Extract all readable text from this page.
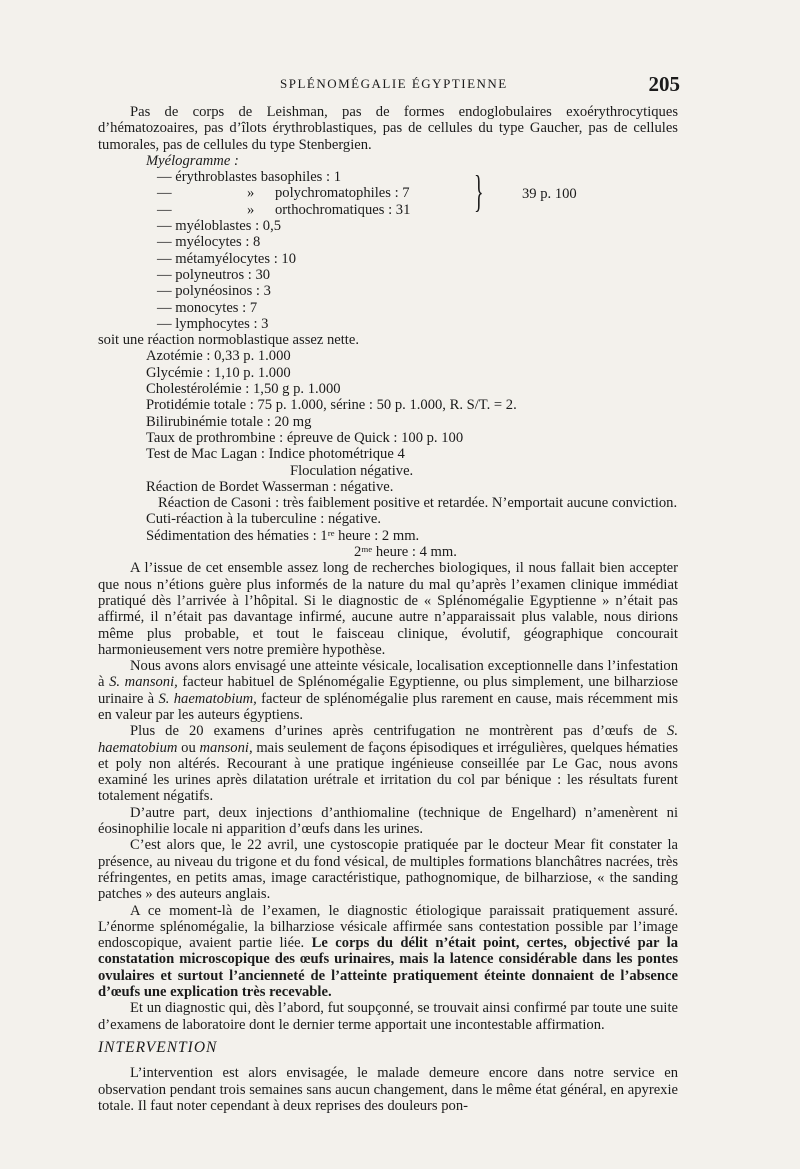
SPLÉNOMÉGALIE ÉGYPTIENNE	205

Pas de corps de Leishman, pas de formes endoglobulaires exoérythrocytiques d’hématozoaires, pas d’îlots érythroblastiques, pas de cellules du type Gaucher, pas de cellules tumorales, pas de cellules du type Stenbergien.

Myélogramme :
— érythroblastes basophiles : 1
—	» polychromatophiles : 7
—	» orthochromatiques : 31
— myéloblastes : 0,5
— myélocytes : 8
— métamyélocytes : 10
— polyneutros : 30
— polynéosinos : 3
— monocytes : 7
— lymphocytes : 3
}	39 p. 100
soit une réaction normoblastique assez nette.
Azotémie : 0,33 p. 1.000
Glycémie : 1,10 p. 1.000
Cholestérolémie : 1,50 g p. 1.000
Protidémie totale : 75 p. 1.000, sérine : 50 p. 1.000, R. S/T. = 2.
Bilirubinémie totale : 20 mg
Taux de prothrombine : épreuve de Quick : 100 p. 100
Test de Mac Lagan : Indice photométrique 4
Floculation négative.
Réaction de Bordet Wasserman : négative.
Réaction de Casoni : très faiblement positive et retardée. N’emportait aucune conviction.
Cuti-réaction à la tuberculine : négative.
Sédimentation des hématies : 1ʳᵉ heure : 2 mm.
2ᵐᵉ heure : 4 mm.

A l’issue de cet ensemble assez long de recherches biologiques, il nous fallait bien accepter que nous n’étions guère plus informés de la nature du mal qu’après l’examen clinique immédiat pratiqué dès l’arrivée à l’hôpital. Si le diagnostic de « Splénomégalie Egyptienne » n’était pas affirmé, il n’était pas davantage infirmé, aucune autre n’apparaissait plus valable, nous dirions même plus probable, et tout le faisceau clinique, évolutif, géographique concourait harmonieusement vers notre première hypothèse.

Nous avons alors envisagé une atteinte vésicale, localisation exceptionnelle dans l’infestation à S. mansoni, facteur habituel de Splénomégalie Egyptienne, ou plus simplement, une bilharziose urinaire à S. haematobium, facteur de splénomégalie plus rarement en cause, mais récemment mis en valeur par les auteurs égyptiens.

Plus de 20 examens d’urines après centrifugation ne montrèrent pas d’œufs de S. haematobium ou mansoni, mais seulement de façons épisodiques et irrégulières, quelques hématies et poly non altérés. Recourant à une pratique ingénieuse conseillée par Le Gac, nous avons examiné les urines après dilatation urétrale et irritation du col par bénique : les résultats furent totalement négatifs.

D’autre part, deux injections d’anthiomaline (technique de Engelhard) n’amenèrent ni éosinophilie locale ni apparition d’œufs dans les urines.

C’est alors que, le 22 avril, une cystoscopie pratiquée par le docteur Mear fit constater la présence, au niveau du trigone et du fond vésical, de multiples formations blanchâtres nacrées, très réfringentes, en petits amas, image caractéristique, pathognomique, de bilharziose, « the sanding patches » des auteurs anglais.

A ce moment-là de l’examen, le diagnostic étiologique paraissait pratiquement assuré. L’énorme splénomégalie, la bilharziose vésicale affirmée sans contestation possible par l’image endoscopique, avaient partie liée. Le corps du délit n’était point, certes, objectivé par la constatation microscopique des œufs urinaires, mais la latence considérable dans les pontes ovulaires et surtout l’ancienneté de l’atteinte pratiquement éteinte donnaient de l’absence d’œufs une explication très recevable.

Et un diagnostic qui, dès l’abord, fut soupçonné, se trouvait ainsi confirmé par toute une suite d’examens de laboratoire dont le dernier terme apportait une incontestable affirmation.

INTERVENTION

L’intervention est alors envisagée, le malade demeure encore dans notre service en observation pendant trois semaines sans aucun changement, dans le même état général, en apyrexie totale. Il faut noter cependant à deux reprises des douleurs pon-
